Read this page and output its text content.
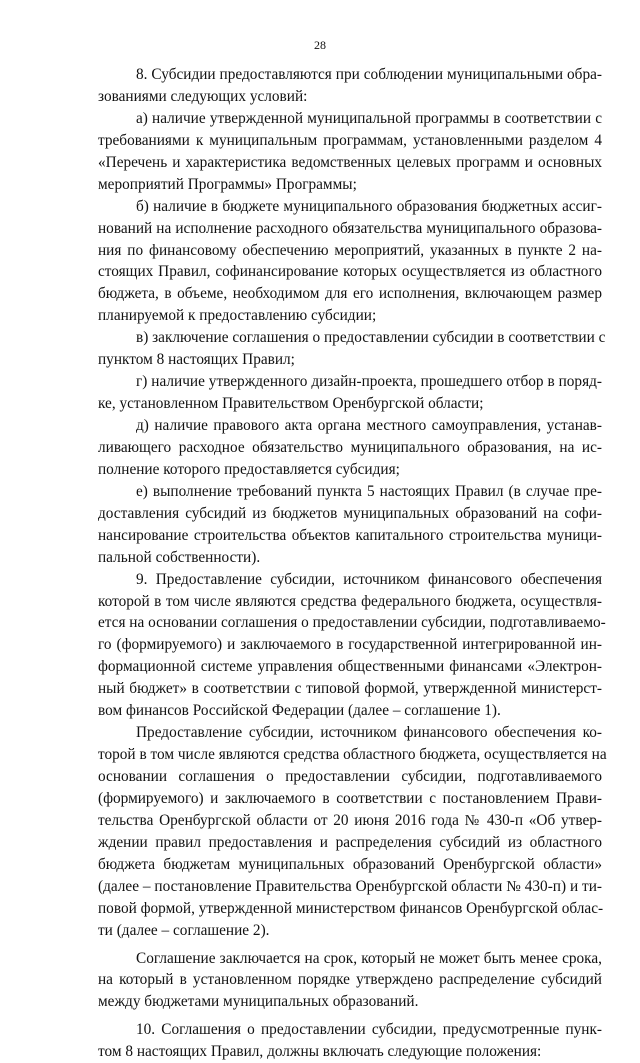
28
8. Субсидии предоставляются при соблюдении муниципальными обра-
зованиями следующих условий:
а) наличие утвержденной муниципальной программы в соответствии с
требованиями к муниципальным программам, установленными разделом 4
«Перечень и характеристика ведомственных целевых программ и основных
мероприятий Программы» Программы;
б) наличие в бюджете муниципального образования бюджетных ассиг-
нований на исполнение расходного обязательства муниципального образова-
ния по финансовому обеспечению мероприятий, указанных в пункте 2 на-
стоящих Правил, софинансирование которых осуществляется из областного
бюджета, в объеме, необходимом для его исполнения, включающем размер
планируемой к предоставлению субсидии;
в) заключение соглашения о предоставлении субсидии в соответствии с
пунктом 8 настоящих Правил;
г) наличие утвержденного дизайн-проекта, прошедшего отбор в поряд-
ке, установленном Правительством Оренбургской области;
д) наличие правового акта органа местного самоуправления, устанав-
ливающего расходное обязательство муниципального образования, на ис-
полнение которого предоставляется субсидия;
е) выполнение требований пункта 5 настоящих Правил (в случае пре-
доставления субсидий из бюджетов муниципальных образований на софи-
нансирование строительства объектов капитального строительства муници-
пальной собственности).
9. Предоставление субсидии, источником финансового обеспечения
которой в том числе являются средства федерального бюджета, осуществля-
ется на основании соглашения о предоставлении субсидии, подготавливаемо-
го (формируемого) и заключаемого в государственной интегрированной ин-
формационной системе управления общественными финансами «Электрон-
ный бюджет» в соответствии с типовой формой, утвержденной министерст-
вом финансов Российской Федерации (далее – соглашение 1).
Предоставление субсидии, источником финансового обеспечения ко-
торой в том числе являются средства областного бюджета, осуществляется на
основании соглашения о предоставлении субсидии, подготавливаемого
(формируемого) и заключаемого в соответствии с постановлением Прави-
тельства Оренбургской области от 20 июня 2016 года № 430-п «Об утвер-
ждении правил предоставления и распределения субсидий из областного
бюджета бюджетам муниципальных образований Оренбургской области»
(далее – постановление Правительства Оренбургской области № 430-п) и ти-
повой формой, утвержденной министерством финансов Оренбургской облас-
ти (далее – соглашение 2).
Соглашение заключается на срок, который не может быть менее срока,
на который в установленном порядке утверждено распределение субсидий
между бюджетами муниципальных образований.
10. Соглашения о предоставлении субсидии, предусмотренные пунк-
том 8 настоящих Правил, должны включать следующие положения:
